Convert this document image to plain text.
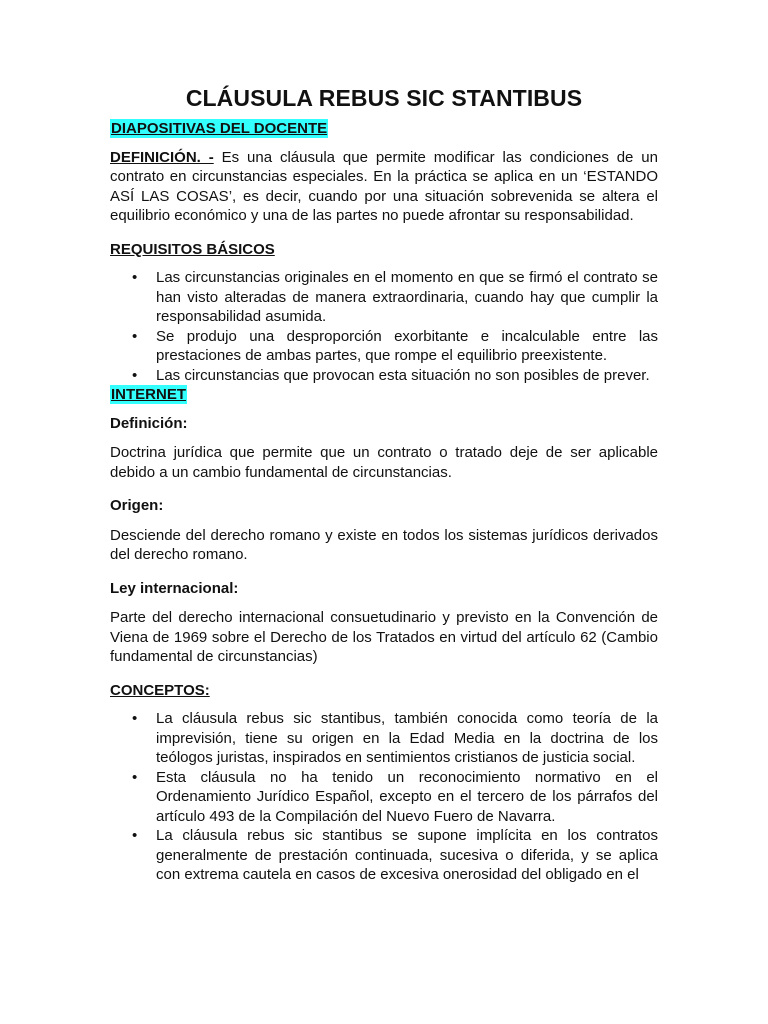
CLÁUSULA REBUS SIC STANTIBUS
DIAPOSITIVAS DEL DOCENTE

DEFINICIÓN. - Es una cláusula que permite modificar las condiciones de un contrato en circunstancias especiales. En la práctica se aplica en un ‘ESTANDO ASÍ LAS COSAS’, es decir, cuando por una situación sobrevenida se altera el equilibrio económico y una de las partes no puede afrontar su responsabilidad.

REQUISITOS BÁSICOS

• Las circunstancias originales en el momento en que se firmó el contrato se han visto alteradas de manera extraordinaria, cuando hay que cumplir la responsabilidad asumida.
• Se produjo una desproporción exorbitante e incalculable entre las prestaciones de ambas partes, que rompe el equilibrio preexistente.
• Las circunstancias que provocan esta situación no son posibles de prever.
INTERNET

Definición:

Doctrina jurídica que permite que un contrato o tratado deje de ser aplicable debido a un cambio fundamental de circunstancias.

Origen:

Desciende del derecho romano y existe en todos los sistemas jurídicos derivados del derecho romano.

Ley internacional:

Parte del derecho internacional consuetudinario y previsto en la Convención de Viena de 1969 sobre el Derecho de los Tratados en virtud del artículo 62 (Cambio fundamental de circunstancias)

CONCEPTOS:

• La cláusula rebus sic stantibus, también conocida como teoría de la imprevisión, tiene su origen en la Edad Media en la doctrina de los teólogos juristas, inspirados en sentimientos cristianos de justicia social.
• Esta cláusula no ha tenido un reconocimiento normativo en el Ordenamiento Jurídico Español, excepto en el tercero de los párrafos del artículo 493 de la Compilación del Nuevo Fuero de Navarra.
• La cláusula rebus sic stantibus se supone implícita en los contratos generalmente de prestación continuada, sucesiva o diferida, y se aplica con extrema cautela en casos de excesiva onerosidad del obligado en el
